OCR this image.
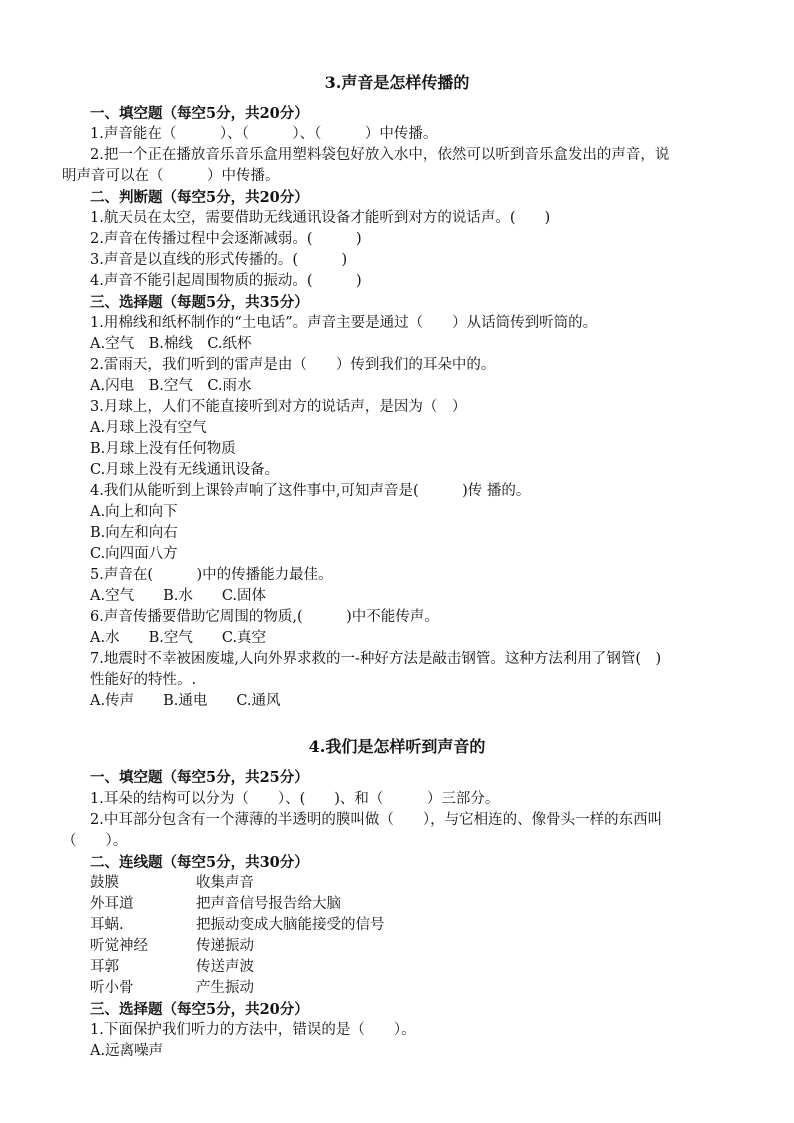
3.声音是怎样传播的
一、填空题（每空5分，共20分）
1.声音能在（　　　）、（　　　）、（　　　）中传播。
2.把一个正在播放音乐音乐盒用塑料袋包好放入水中，依然可以听到音乐盒发出的声音，说
明声音可以在（　　　）中传播。
二、判断题（每空5分，共20分）
1.航天员在太空，需要借助无线通讯设备才能听到对方的说话声。(　　)
2.声音在传播过程中会逐渐减弱。(　　　)
3.声音是以直线的形式传播的。(　　　)
4.声音不能引起周围物质的振动。(　　　)
三、选择题（每题5分，共35分）
1.用棉线和纸杯制作的“土电话”。声音主要是通过（　　）从话筒传到听筒的。
A.空气　B.棉线　C.纸杯
2.雷雨天，我们听到的雷声是由（　　）传到我们的耳朵中的。
A.闪电　B.空气　C.雨水
3.月球上，人们不能直接听到对方的说话声，是因为（　）
A.月球上没有空气
B.月球上没有任何物质
C.月球上没有无线通讯设备。
4.我们从能听到上课铃声响了这件事中,可知声音是(　　　)传 播的。
A.向上和向下
B.向左和向右
C.向四面八方
5.声音在(　　　)中的传播能力最佳。
A.空气　　B.水　　C.固体
6.声音传播要借助它周围的物质,(　　　)中不能传声。
A.水　　B.空气　　C.真空
7.地震时不幸被困废墟,人向外界求救的一-种好方法是敲击钢管。这种方法利用了钢管(　)
性能好的特性。.
A.传声　　B.通电　　C.通风
4.我们是怎样听到声音的
一、填空题（每空5分，共25分）
1.耳朵的结构可以分为（　　）、(　　)、和（　　　）三部分。
2.中耳部分包含有一个薄薄的半透明的膜叫做（　　），与它相连的、像骨头一样的东西叫
（　　）。
二、连线题（每空5分，共30分）
鼓膜	收集声音
外耳道	把声音信号报告给大脑
耳蜗.	把振动变成大脑能接受的信号
听觉神经	传递振动
耳郭	传送声波
听小骨	产生振动
三、选择题（每空5分，共20分）
1.下面保护我们听力的方法中，错误的是（　　）。
A.远离噪声
